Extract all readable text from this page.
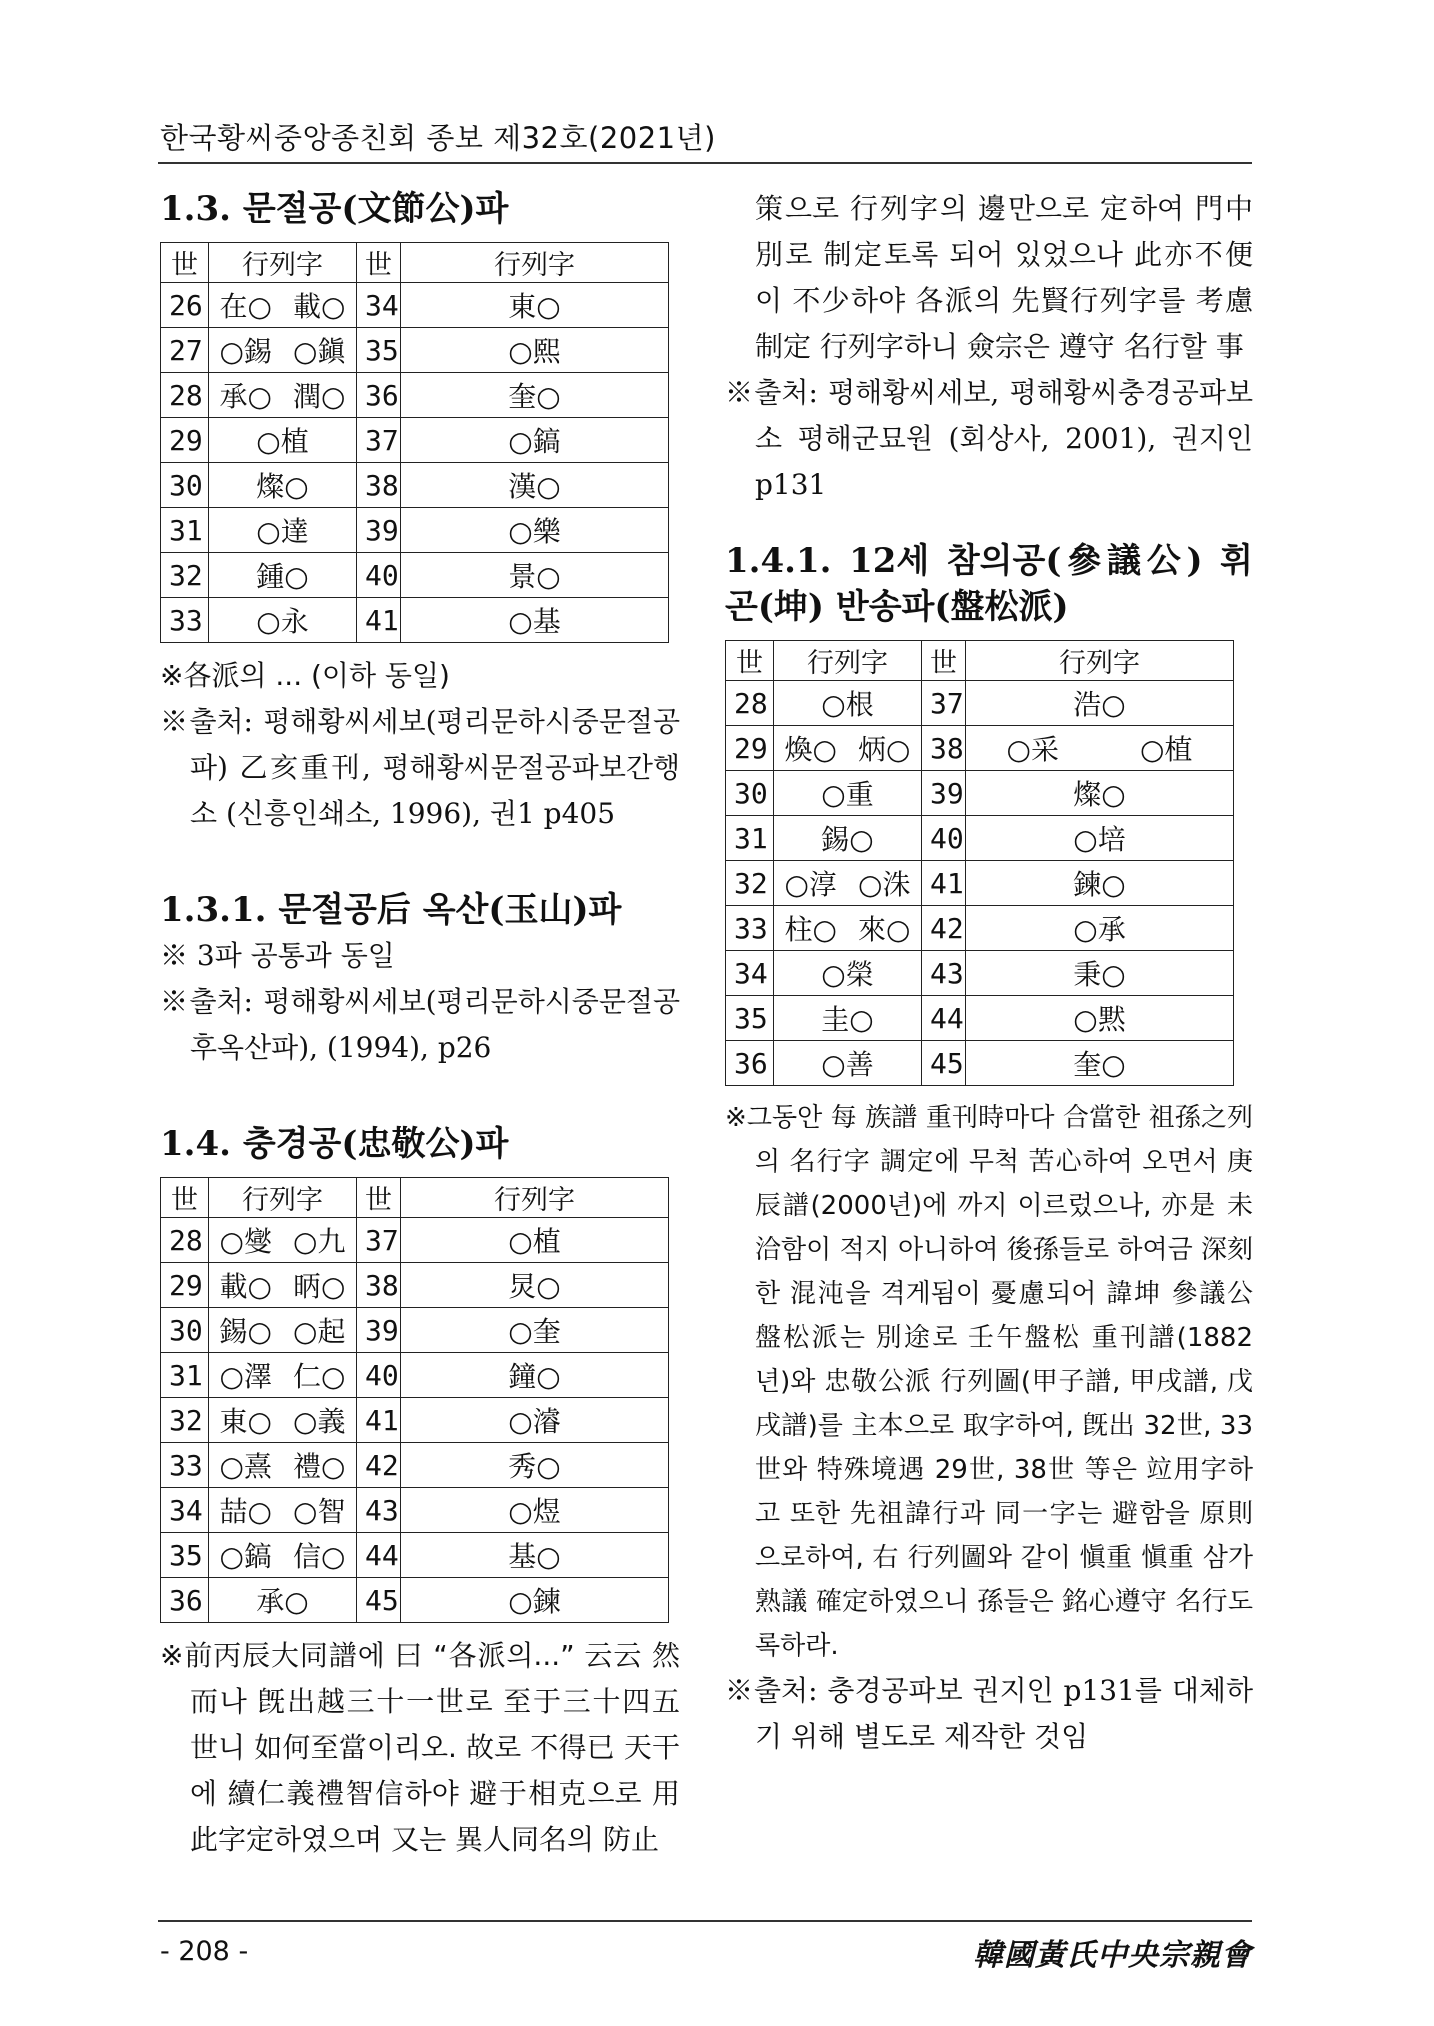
한국황씨중앙종친회 종보 제32호(2021년)
1.3. 문절공(文節公)파
世	行列字	世	行列字
26	在○ 載○	34	東○

27	○錫 ○鎭	35	○熙

28	承○ 潤○	36	奎○

29	○植	37	○鎬

30	燦○	38	漢○

31	○達	39	○樂

32	鍾○	40	景○

33	○永	41	○基

※各派의 ... (이하 동일)

※출처: 평해황씨세보(평리문하시중문절공파) 乙亥重刊, 평해황씨문절공파보간행소 (신흥인쇄소, 1996), 권1 p405

1.3.1. 문절공后 옥산(玉山)파

※ 3파 공통과 동일

※출처: 평해황씨세보(평리문하시중문절공후옥산파), (1994), p26

1.4. 충경공(忠敬公)파
世	行列字	世	行列字
28	○燮 ○九	37	○植

29	載○ 昞○	38	炅○

30	錫○ ○起	39	○奎

31	○澤 仁○	40	鐘○

32	東○ ○義	41	○濬

33	○熹 禮○	42	秀○

34	喆○ ○智	43	○煜

35	○鎬 信○	44	基○

36	承○	45	○鍊

※前丙辰大同譜에 曰 “各派의...” 云云 然而나 旣出越三十一世로 至于三十四五世니 如何至當이리오. 故로 不得已 天干에 續仁義禮智信하야 避于相克으로 用此字定하였으며 又는 異人同名의 防止

策으로 行列字의 邊만으로 定하여 門中別로 制定토록 되어 있었으나 此亦不便이 不少하야 各派의 先賢行列字를 考慮 制定 行列字하니 僉宗은 遵守 名行할 事

※출처: 평해황씨세보, 평해황씨충경공파보소 평해군묘원 (회상사, 2001), 권지인 p131

1.4.1. 12세 참의공(參議公) 휘 곤(坤) 반송파(盤松派)
世	行列字	世	行列字
28	○根	37	浩○

29	煥○ 炳○	38	○采 ○植

30	○重	39	燦○

31	錫○	40	○培

32	○淳 ○洙	41	鍊○

33	柱○ 來○	42	○承

34	○榮	43	秉○

35	圭○	44	○黙

36	○善	45	奎○

※그동안 每 族譜 重刊時마다 合當한 祖孫之列의 名行字 調定에 무척 苦心하여 오면서 庚辰譜(2000년)에 까지 이르렀으나, 亦是 未洽함이 적지 아니하여 後孫들로 하여금 深刻한 混沌을 격게됨이 憂慮되어 諱坤 參議公 盤松派는 別途로 壬午盤松 重刊譜(1882년)와 忠敬公派 行列圖(甲子譜, 甲戌譜, 戊戌譜)를 主本으로 取字하여, 旣出 32世, 33世와 特殊境遇 29世, 38世 等은 竝用字하고 또한 先祖諱行과 同一字는 避함을 原則으로하여, 右 行列圖와 같이 愼重 愼重 삼가 熟議 確定하였으니 孫들은 銘心遵守 名行도록하라.

※출처: 충경공파보 권지인 p131를 대체하기 위해 별도로 제작한 것임

- 208 -	韓國黃氏中央宗親會
